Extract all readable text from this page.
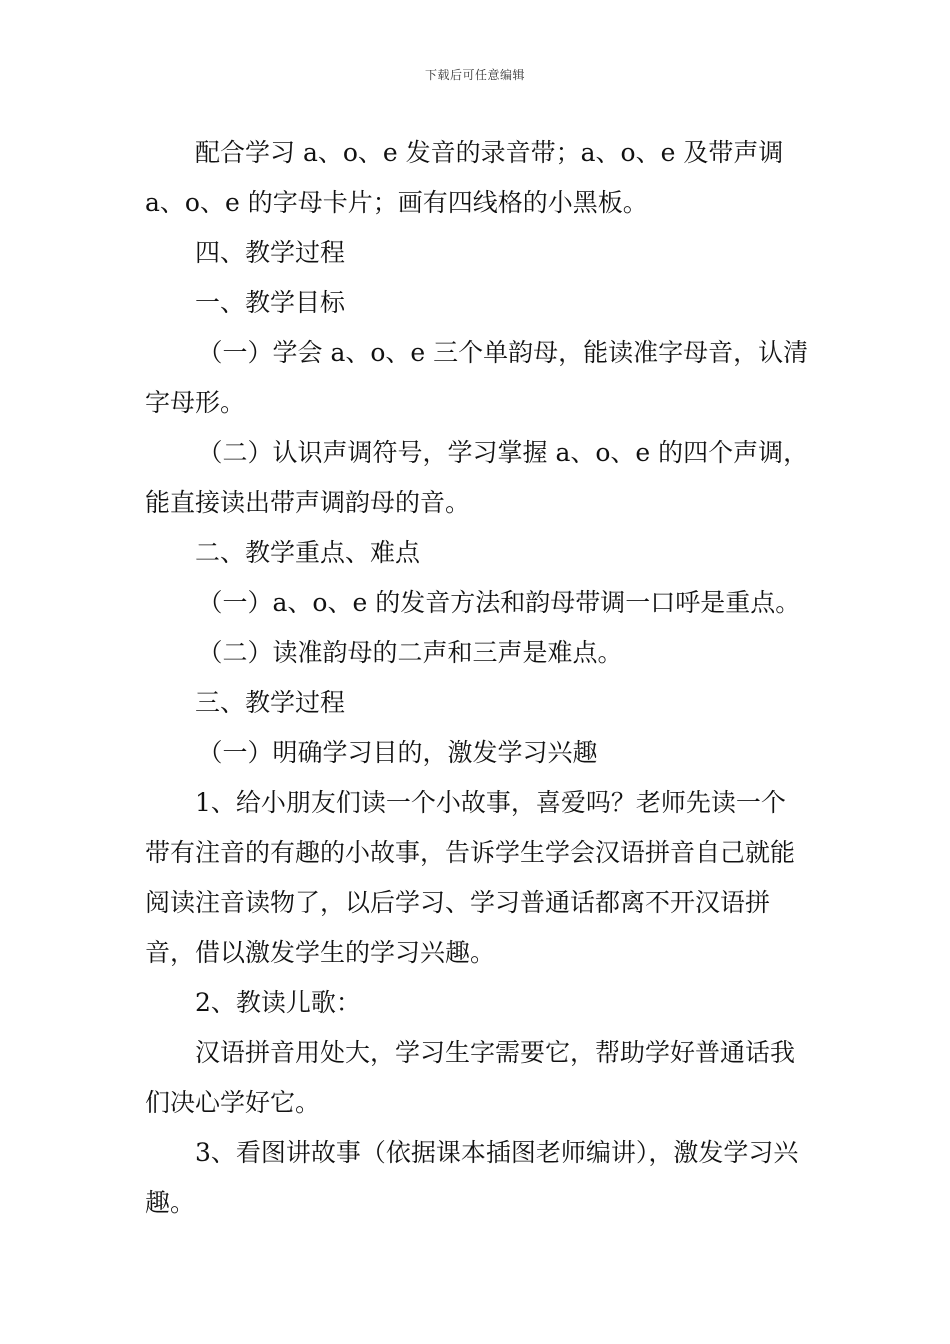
下载后可任意编辑

配合学习 a、o、e 发音的录音带；a、o、e 及带声调 a、o、e 的字母卡片；画有四线格的小黑板。

四、教学过程

一、教学目标

（一）学会 a、o、e 三个单韵母，能读准字母音，认清字母形。

（二）认识声调符号，学习掌握 a、o、e 的四个声调，能直接读出带声调韵母的音。

二、教学重点、难点

（一）a、o、e 的发音方法和韵母带调一口呼是重点。

（二）读准韵母的二声和三声是难点。

三、教学过程

（一）明确学习目的，激发学习兴趣

1、给小朋友们读一个小故事，喜爱吗？老师先读一个带有注音的有趣的小故事，告诉学生学会汉语拼音自己就能阅读注音读物了，以后学习、学习普通话都离不开汉语拼音，借以激发学生的学习兴趣。

2、教读儿歌：

汉语拼音用处大，学习生字需要它，帮助学好普通话我们决心学好它。

3、看图讲故事（依据课本插图老师编讲），激发学习兴趣。
